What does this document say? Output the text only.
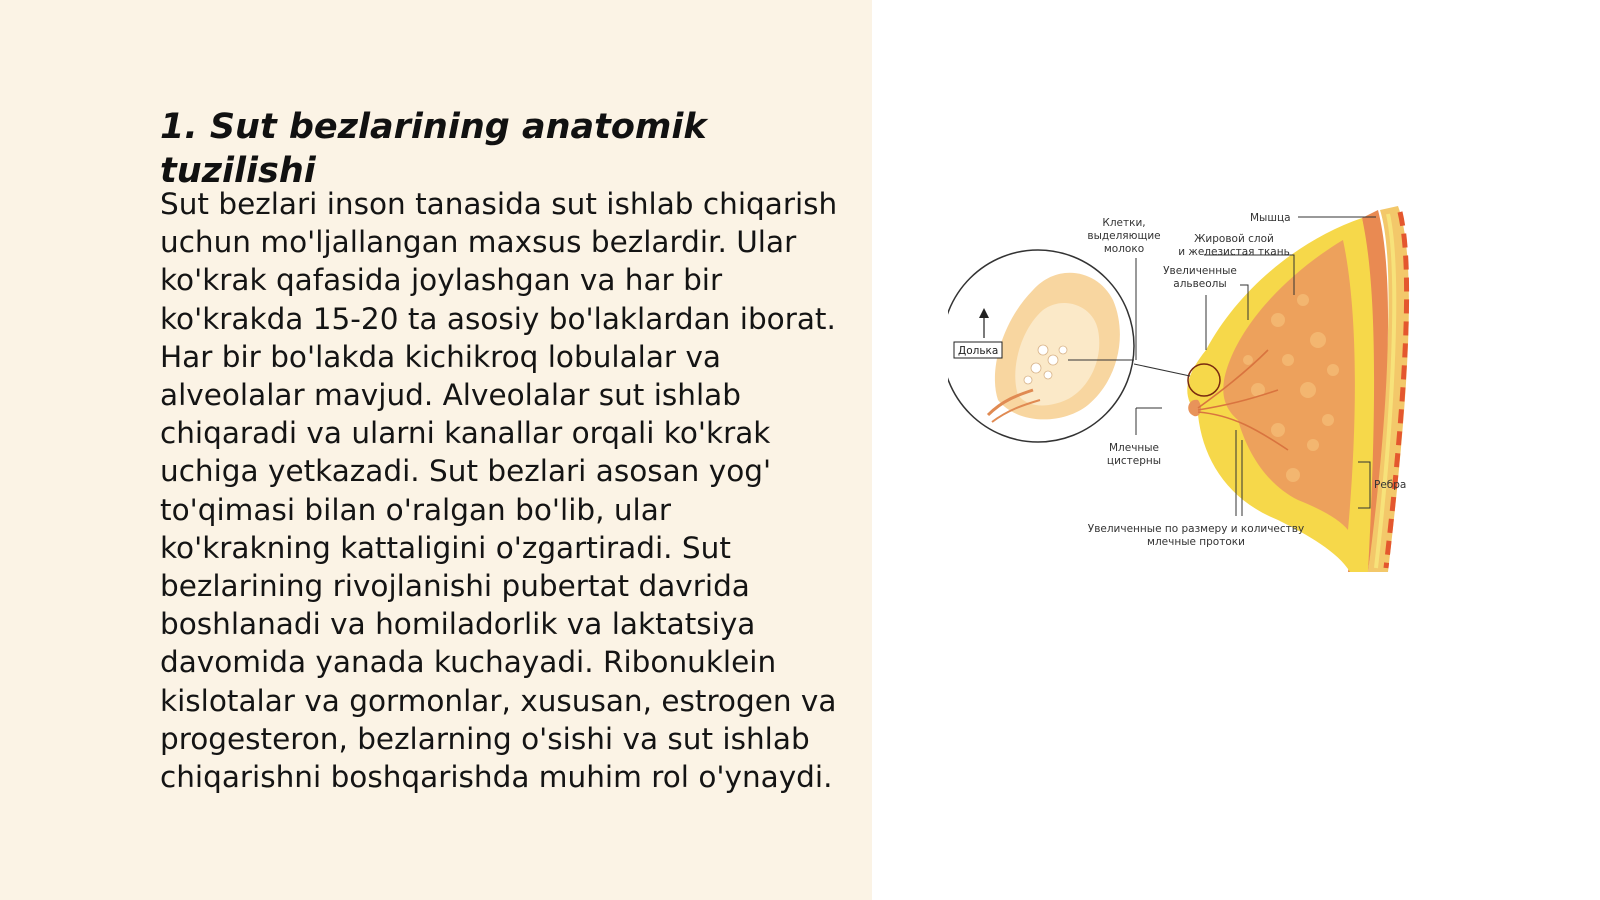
1. Sut bezlarining anatomik tuzilishi

Sut bezlari inson tanasida sut ishlab chiqarish uchun mo'ljallangan maxsus bezlardir. Ular ko'krak qafasida joylashgan va har bir ko'krakda 15-20 ta asosiy bo'laklardan iborat. Har bir bo'lakda kichikroq lobulalar va alveolalar mavjud. Alveolalar sut ishlab chiqaradi va ularni kanallar orqali ko'krak uchiga yetkazadi. Sut bezlari asosan yog' to'qimasi bilan o'ralgan bo'lib, ular ko'krakning kattaligini o'zgartiradi. Sut bezlarining rivojlanishi pubertat davrida boshlanadi va homiladorlik va laktatsiya davomida yanada kuchayadi. Ribonuklein kislotalar va gormonlar, xususan, estrogen va progesteron, bezlarning o'sishi va sut ishlab chiqarishni boshqarishda muhim rol o'ynaydi.

Клетки,
выделяющие
молоко
Мышца
Жировой слой
и железистая ткань
Увеличенные
альвеолы
Долька
Млечные
цистерны
Ребра
Увеличенные по размеру и количеству
млечные протоки
